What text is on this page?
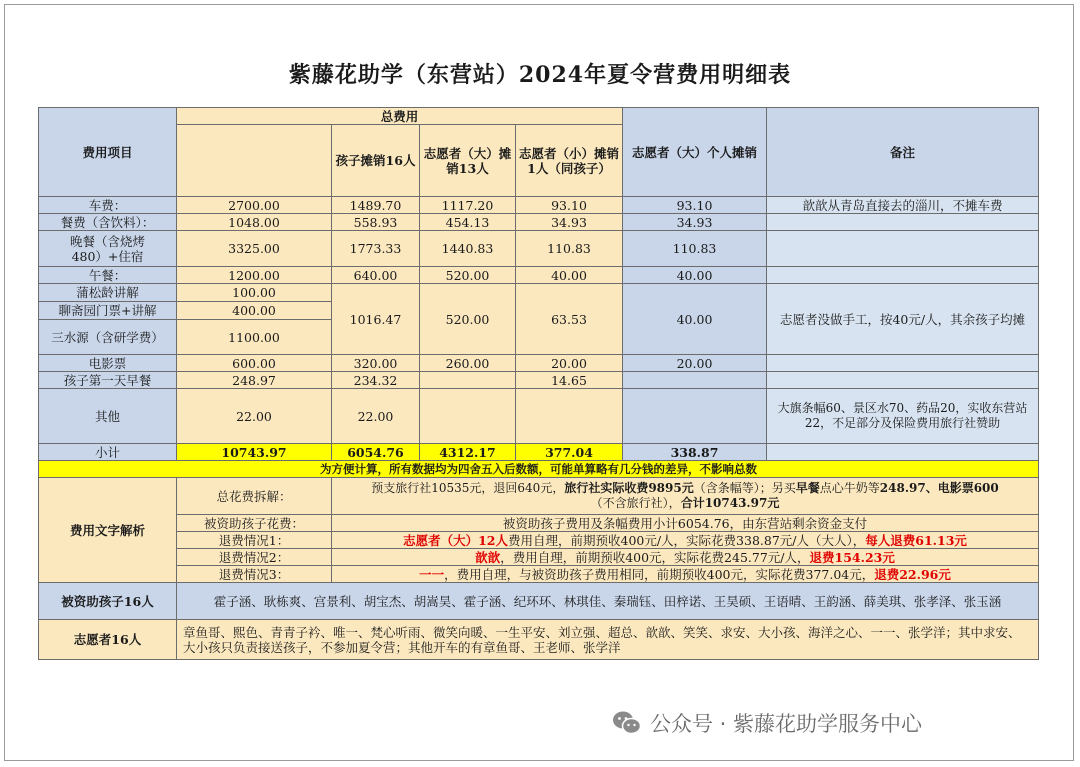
紫藤花助学（东营站）2024年夏令营费用明细表
费用项目	总费用				志愿者（大）个人摊销	备注
		孩子摊销16人	志愿者（大）摊销13人	志愿者（小）摊销1人（同孩子）		
车费：	2700.00	1489.70	1117.20	93.10	93.10	歆歆从青岛直接去的淄川，不摊车费
餐费（含饮料）：	1048.00	558.93	454.13	34.93	34.93	
晚餐（含烧烤480）+住宿	3325.00	1773.33	1440.83	110.83	110.83	
午餐：	1200.00	640.00	520.00	40.00	40.00	
蒲松龄讲解	100.00	1016.47	520.00	63.53	40.00	志愿者没做手工，按40元/人，其余孩子均摊
聊斋园门票+讲解	400.00					
三水源（含研学费）	1100.00					
电影票	600.00	320.00	260.00	20.00	20.00	
孩子第一天早餐	248.97	234.32		14.65		
其他	22.00	22.00				大旗条幅60、景区水70、药品20，实收东营站22，不足部分及保险费用旅行社赞助
小计	10743.97	6054.76	4312.17	377.04	338.87	
为方便计算，所有数据均为四舍五入后数额，可能单算略有几分钱的差异，不影响总数						
费用文字解析	总花费拆解：	预支旅行社10535元，退回640元，旅行社实际收费9895元（含条幅等）；另买早餐点心牛奶等248.97、电影票600
（不含旅行社），合计10743.97元				
	被资助孩子花费：	被资助孩子费用及条幅费用小计6054.76，由东营站剩余资金支付				
	退费情况1：	志愿者（大）12人费用自理，前期预收400元/人，实际花费338.87元/人（大人），每人退费61.13元				
	退费情况2：	歆歆，费用自理，前期预收400元，实际花费245.77元/人，退费154.23元				
	退费情况3：	一一，费用自理，与被资助孩子费用相同，前期预收400元，实际花费377.04元，退费22.96元				
被资助孩子16人	霍子涵、耿栋爽、宫景利、胡宝杰、胡嵩昊、霍子涵、纪环环、林琪佳、秦瑞钰、田梓诺、王昊硕、王语晴、王韵涵、薛美琪、张孝泽、张玉涵					
志愿者16人	章鱼哥、熙色、青青子衿、唯一、梵心听雨、微笑向暖、一生平安、刘立强、超总、歆歆、笑笑、求安、大小孩、海洋之心、一一、张学洋；其中求安、大小孩只负责接送孩子，不参加夏令营；其他开车的有章鱼哥、王老师、张学洋					
公众号 · 紫藤花助学服务中心
